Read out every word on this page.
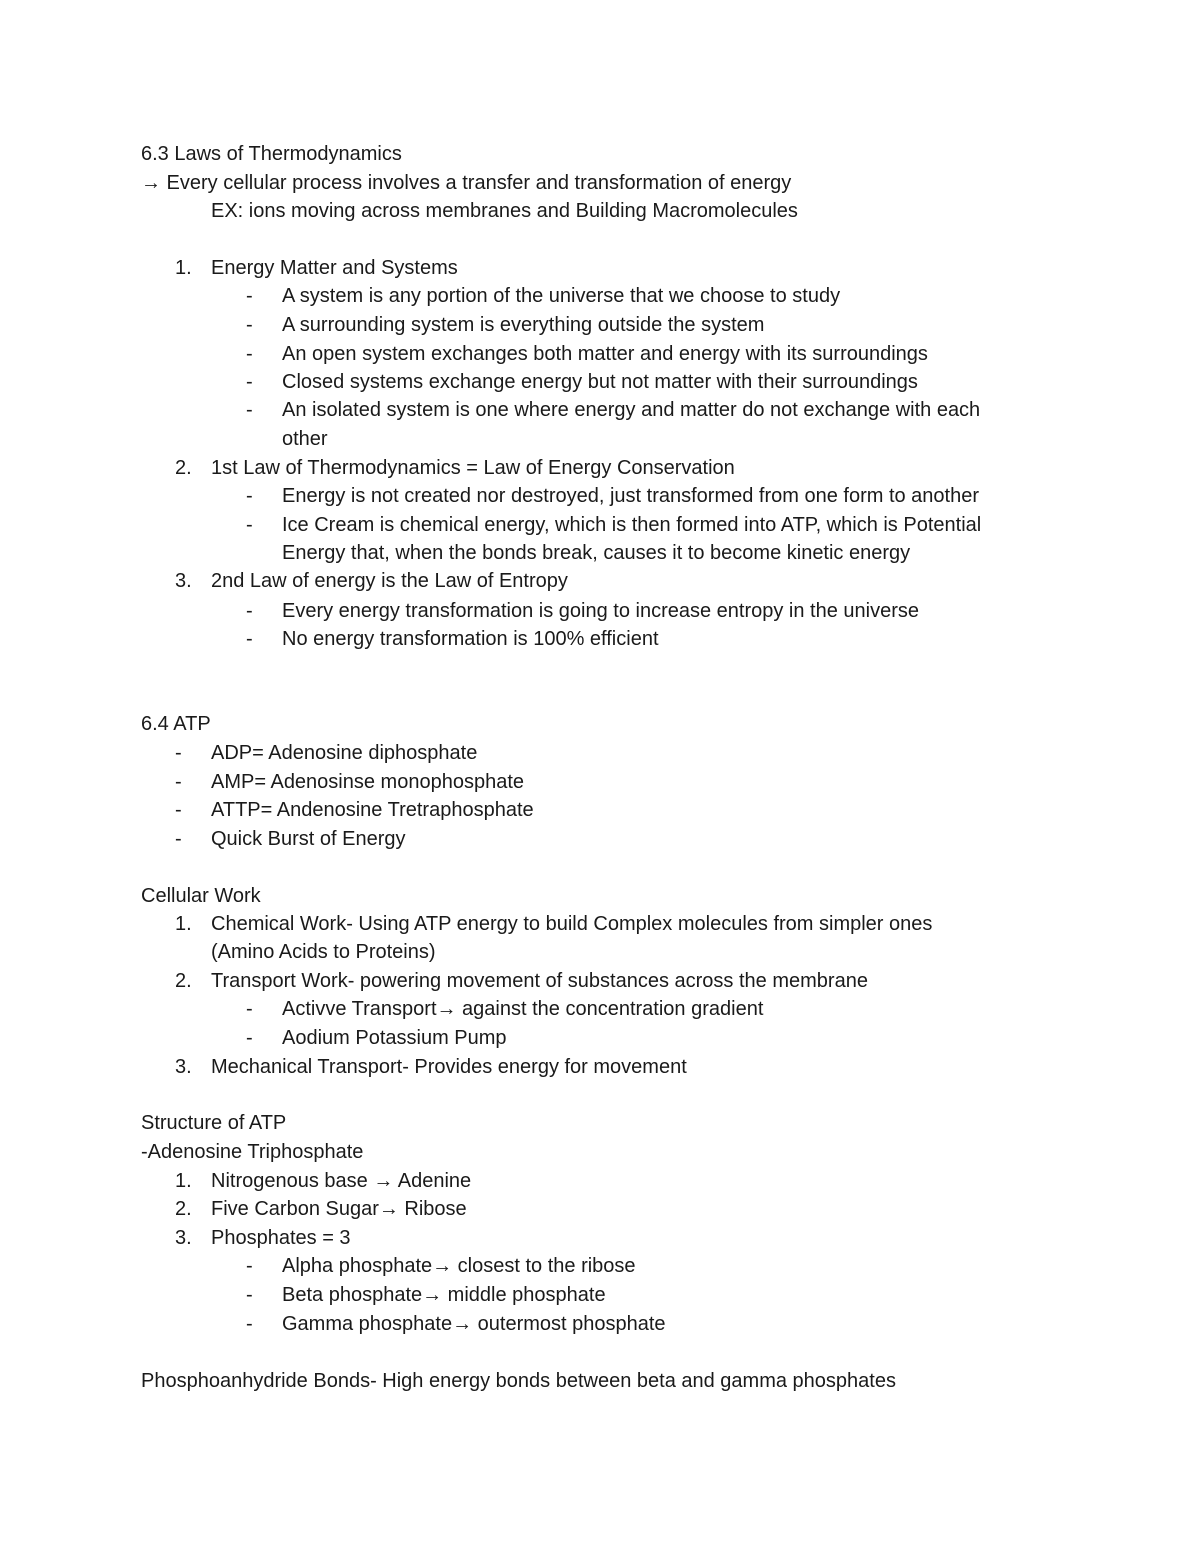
6.3 Laws of Thermodynamics
→ Every cellular process involves a transfer and transformation of energy
EX: ions moving across membranes and Building Macromolecules
1. Energy Matter and Systems
- A system is any portion of the universe that we choose to study
- A surrounding system is everything outside the system
- An open system exchanges both matter and energy with its surroundings
- Closed systems exchange energy but not matter with their surroundings
- An isolated system is one where energy and matter do not exchange with each
other
2. 1st Law of Thermodynamics = Law of Energy Conservation
- Energy is not created nor destroyed, just transformed from one form to another
- Ice Cream is chemical energy, which is then formed into ATP, which is Potential
Energy that, when the bonds break, causes it to become kinetic energy
3. 2nd Law of energy is the Law of Entropy
- Every energy transformation is going to increase entropy in the universe
- No energy transformation is 100% efficient
6.4 ATP
- ADP= Adenosine diphosphate
- AMP= Adenosinse monophosphate
- ATTP= Andenosine Tretraphosphate
- Quick Burst of Energy
Cellular Work
1. Chemical Work- Using ATP energy to build Complex molecules from simpler ones
(Amino Acids to Proteins)
2. Transport Work- powering movement of substances across the membrane
- Activve Transport→ against the concentration gradient
- Aodium Potassium Pump
3. Mechanical Transport- Provides energy for movement
Structure of ATP
-Adenosine Triphosphate
1. Nitrogenous base → Adenine
2. Five Carbon Sugar→ Ribose
3. Phosphates = 3
- Alpha phosphate→ closest to the ribose
- Beta phosphate→ middle phosphate
- Gamma phosphate→ outermost phosphate
Phosphoanhydride Bonds- High energy bonds between beta and gamma phosphates
